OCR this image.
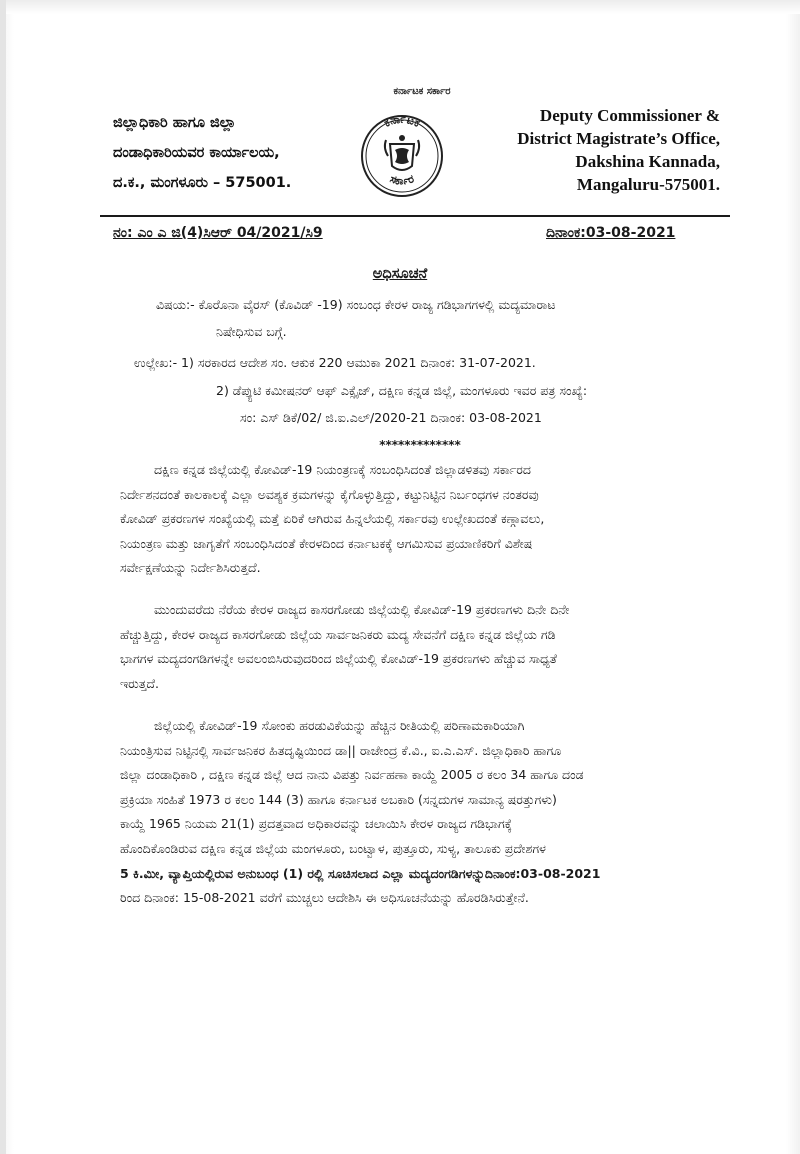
ಜಿಲ್ಲಾಧಿಕಾರಿ ಹಾಗೂ ಜಿಲ್ಲಾ
ದಂಡಾಧಿಕಾರಿಯವರ ಕಾರ್ಯಾಲಯ,
ದ.ಕ., ಮಂಗಳೂರು – 575001.
ಕರ್ನಾಟಕ ಸರ್ಕಾರ
ಕರ್ನಾಟಕ
ಸರ್ಕಾರ
Deputy Commissioner &
District Magistrate’s Office,
Dakshina Kannada,
Mangaluru-575001.
ನಂ: ಎಂ ಎ ಜಿ(4)ಸಿಆರ್ 04/2021/ಸಿ9	ದಿನಾಂಕ:03-08-2021
ಅಧಿಸೂಚನೆ
ವಿಷಯ:- ಕೊರೊನಾ ವೈರಸ್ (ಕೊವಿಡ್ -19) ಸಂಬಂಧ ಕೇರಳ ರಾಜ್ಯ ಗಡಿಭಾಗಗಳಲ್ಲಿ ಮದ್ಯಮಾರಾಟ
ನಿಷೇಧಿಸುವ ಬಗ್ಗೆ.
ಉಲ್ಲೇಖ:- 1) ಸರಕಾರದ ಆದೇಶ ಸಂ. ಆಕುಕ 220 ಆಮುಕಾ 2021 ದಿನಾಂಕ: 31-07-2021.
2) ಡೆಪ್ಯುಟಿ ಕಮೀಷನರ್ ಆಫ್ ಎಕ್ಸೈಜ್, ದಕ್ಷಿಣ ಕನ್ನಡ ಜಿಲ್ಲೆ, ಮಂಗಳೂರು ಇವರ ಪತ್ರ ಸಂಖ್ಯೆ:
ಸಂ: ಎಸ್ ಡಿಕೆ/02/ ಜಿ.ಐ.ಎಲ್/2020-21 ದಿನಾಂಕ: 03-08-2021
*************
ದಕ್ಷಿಣ ಕನ್ನಡ ಜಿಲ್ಲೆಯಲ್ಲಿ ಕೋವಿಡ್-19 ನಿಯಂತ್ರಣಕ್ಕೆ ಸಂಬಂಧಿಸಿದಂತೆ ಜಿಲ್ಲಾಡಳಿತವು ಸರ್ಕಾರದ
ನಿರ್ದೇಶನದಂತೆ ಕಾಲಕಾಲಕ್ಕೆ ಎಲ್ಲಾ ಅವಶ್ಯಕ ಕ್ರಮಗಳನ್ನು ಕೈಗೊಳ್ಳುತ್ತಿದ್ದು, ಕಟ್ಟುನಿಟ್ಟಿನ ನಿರ್ಬಂಧಗಳ ನಂತರವು
ಕೋವಿಡ್ ಪ್ರಕರಣಗಳ ಸಂಖ್ಯೆಯಲ್ಲಿ ಮತ್ತೆ ಏರಿಕೆ ಆಗಿರುವ ಹಿನ್ನಲೆಯಲ್ಲಿ ಸರ್ಕಾರವು ಉಲ್ಲೇಖದಂತೆ ಕಣ್ಗಾವಲು,
ನಿಯಂತ್ರಣ ಮತ್ತು ಜಾಗೃತೆಗೆ ಸಂಬಂಧಿಸಿದಂತೆ ಕೇರಳದಿಂದ ಕರ್ನಾಟಕಕ್ಕೆ ಆಗಮಿಸುವ ಪ್ರಯಾಣಿಕರಿಗೆ ವಿಶೇಷ
ಸರ್ವೇಕ್ಷಣೆಯನ್ನು ನಿರ್ದೇಶಿಸಿರುತ್ತದೆ.
ಮುಂದುವರೆದು ನೆರೆಯ ಕೇರಳ ರಾಜ್ಯದ ಕಾಸರಗೋಡು ಜಿಲ್ಲೆಯಲ್ಲಿ ಕೋವಿಡ್-19 ಪ್ರಕರಣಗಳು ದಿನೇ ದಿನೇ
ಹೆಚ್ಚುತ್ತಿದ್ದು, ಕೇರಳ ರಾಜ್ಯದ ಕಾಸರಗೋಡು ಜಿಲ್ಲೆಯ ಸಾರ್ವಜನಿಕರು ಮದ್ಯ ಸೇವನೆಗೆ ದಕ್ಷಿಣ ಕನ್ನಡ ಜಿಲ್ಲೆಯ ಗಡಿ
ಭಾಗಗಳ ಮದ್ಯದಂಗಡಿಗಳನ್ನೇ ಅವಲಂಬಿಸಿರುವುದರಿಂದ ಜಿಲ್ಲೆಯಲ್ಲಿ ಕೋವಿಡ್-19 ಪ್ರಕರಣಗಳು ಹೆಚ್ಚುವ ಸಾಧ್ಯತೆ
ಇರುತ್ತದೆ.
ಜಿಲ್ಲೆಯಲ್ಲಿ ಕೋವಿಡ್-19 ಸೋಂಕು ಹರಡುವಿಕೆಯನ್ನು ಹೆಚ್ಚಿನ ರೀತಿಯಲ್ಲಿ ಪರಿಣಾಮಕಾರಿಯಾಗಿ
ನಿಯಂತ್ರಿಸುವ ನಿಟ್ಟಿನಲ್ಲಿ ಸಾರ್ವಜನಿಕರ ಹಿತದೃಷ್ಟಿಯಿಂದ ಡಾ|| ರಾಜೇಂದ್ರ ಕೆ.ವಿ., ಐ.ಎ.ಎಸ್. ಜಿಲ್ಲಾಧಿಕಾರಿ ಹಾಗೂ
ಜಿಲ್ಲಾ ದಂಡಾಧಿಕಾರಿ , ದಕ್ಷಿಣ ಕನ್ನಡ ಜಿಲ್ಲೆ ಆದ ನಾನು ವಿಪತ್ತು ನಿರ್ವಹಣಾ ಕಾಯ್ದೆ 2005 ರ ಕಲಂ 34 ಹಾಗೂ ದಂಡ
ಪ್ರಕ್ರಿಯಾ ಸಂಹಿತೆ 1973 ರ ಕಲಂ 144 (3) ಹಾಗೂ ಕರ್ನಾಟಕ ಅಬಕಾರಿ (ಸನ್ನದುಗಳ ಸಾಮಾನ್ಯ ಷರತ್ತುಗಳು)
ಕಾಯ್ದೆ 1965 ನಿಯಮ 21(1) ಪ್ರದತ್ತವಾದ ಅಧಿಕಾರವನ್ನು ಚಲಾಯಿಸಿ ಕೇರಳ ರಾಜ್ಯದ ಗಡಿಭಾಗಕ್ಕೆ
ಹೊಂದಿಕೊಂಡಿರುವ ದಕ್ಷಿಣ ಕನ್ನಡ ಜಿಲ್ಲೆಯ ಮಂಗಳೂರು, ಬಂಟ್ವಾಳ, ಪುತ್ತೂರು, ಸುಳ್ಯ, ತಾಲೂಕು ಪ್ರದೇಶಗಳ
5 ಕಿ.ಮೀ, ವ್ಯಾಪ್ತಿಯಲ್ಲಿರುವ ಅನುಬಂಧ (1) ರಲ್ಲಿ ಸೂಚಿಸಲಾದ ಎಲ್ಲಾ ಮದ್ಯದಂಗಡಿಗಳನ್ನುದಿನಾಂಕ:03-08-2021
ರಿಂದ ದಿನಾಂಕ: 15-08-2021 ವರೆಗೆ ಮುಚ್ಚಲು ಆದೇಶಿಸಿ ಈ ಅಧಿಸೂಚನೆಯನ್ನು ಹೊರಡಿಸಿರುತ್ತೇನೆ.
